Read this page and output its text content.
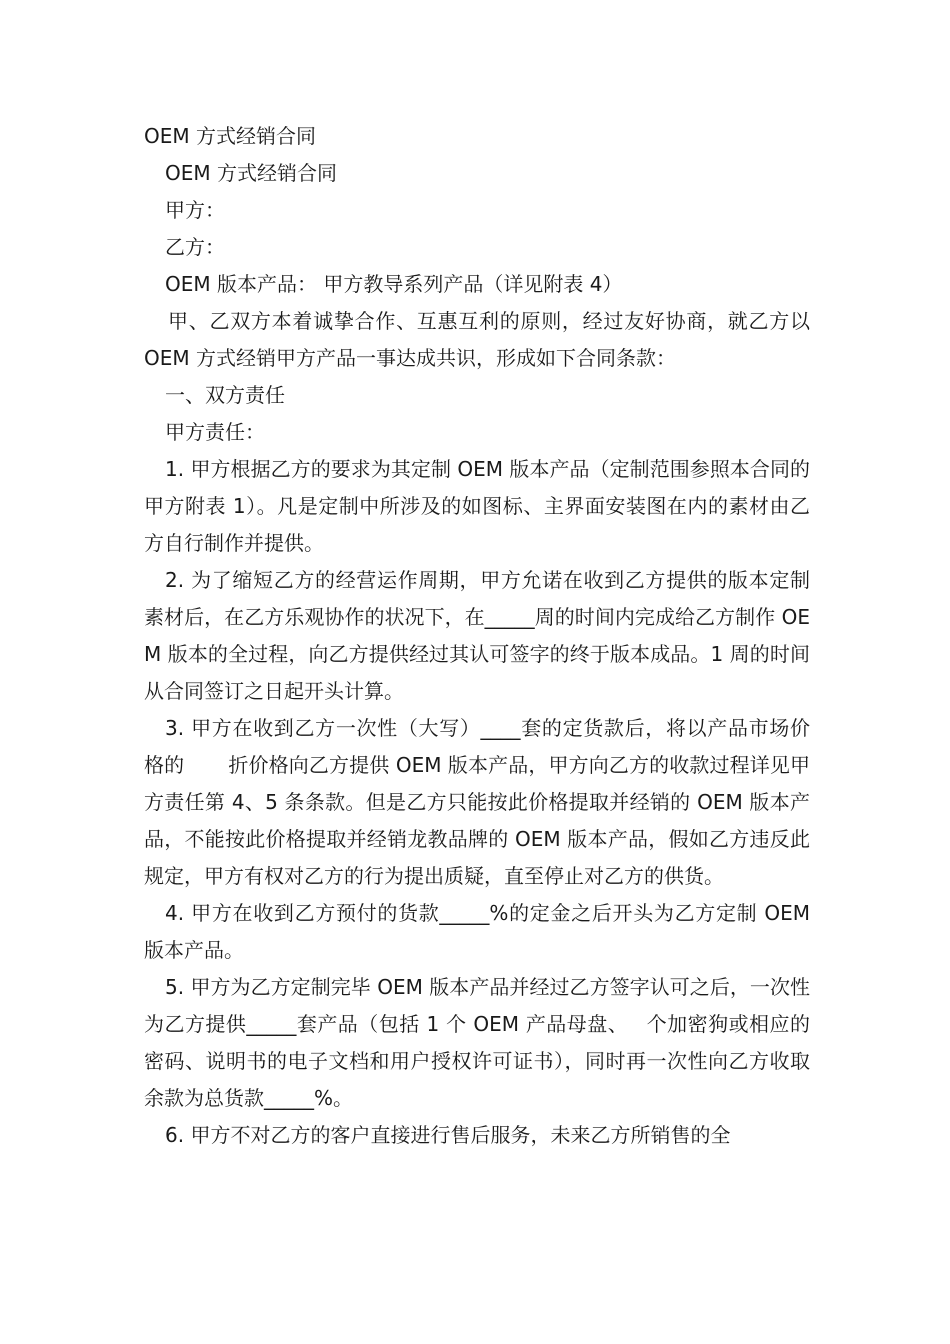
OEM 方式经销合同

OEM 方式经销合同

甲方：

乙方：

OEM 版本产品： 甲方教导系列产品（详见附表 4）

甲、乙双方本着诚挚合作、互惠互利的原则，经过友好协商，就乙方以 OEM 方式经销甲方产品一事达成共识，形成如下合同条款：

一、双方责任

甲方责任：

1. 甲方根据乙方的要求为其定制 OEM 版本产品（定制范围参照本合同的甲方附表 1）。凡是定制中所涉及的如图标、主界面安装图在内的素材由乙方自行制作并提供。

2. 为了缩短乙方的经营运作周期，甲方允诺在收到乙方提供的版本定制素材后，在乙方乐观协作的状况下，在_____周的时间内完成给乙方制作 OEM 版本的全过程，向乙方提供经过其认可签字的终于版本成品。1 周的时间从合同签订之日起开头计算。

3. 甲方在收到乙方一次性（大写）____套的定货款后，将以产品市场价格的 折价格向乙方提供 OEM 版本产品，甲方向乙方的收款过程详见甲方责任第 4、5 条条款。但是乙方只能按此价格提取并经销的 OEM 版本产品，不能按此价格提取并经销龙教品牌的 OEM 版本产品，假如乙方违反此规定，甲方有权对乙方的行为提出质疑，直至停止对乙方的供货。

4. 甲方在收到乙方预付的货款_____%的定金之后开头为乙方定制 OEM 版本产品。

5. 甲方为乙方定制完毕 OEM 版本产品并经过乙方签字认可之后，一次性为乙方提供_____套产品（包括 1 个 OEM 产品母盘、 个加密狗或相应的密码、说明书的电子文档和用户授权许可证书），同时再一次性向乙方收取余款为总货款_____%。

6. 甲方不对乙方的客户直接进行售后服务，未来乙方所销售的全
